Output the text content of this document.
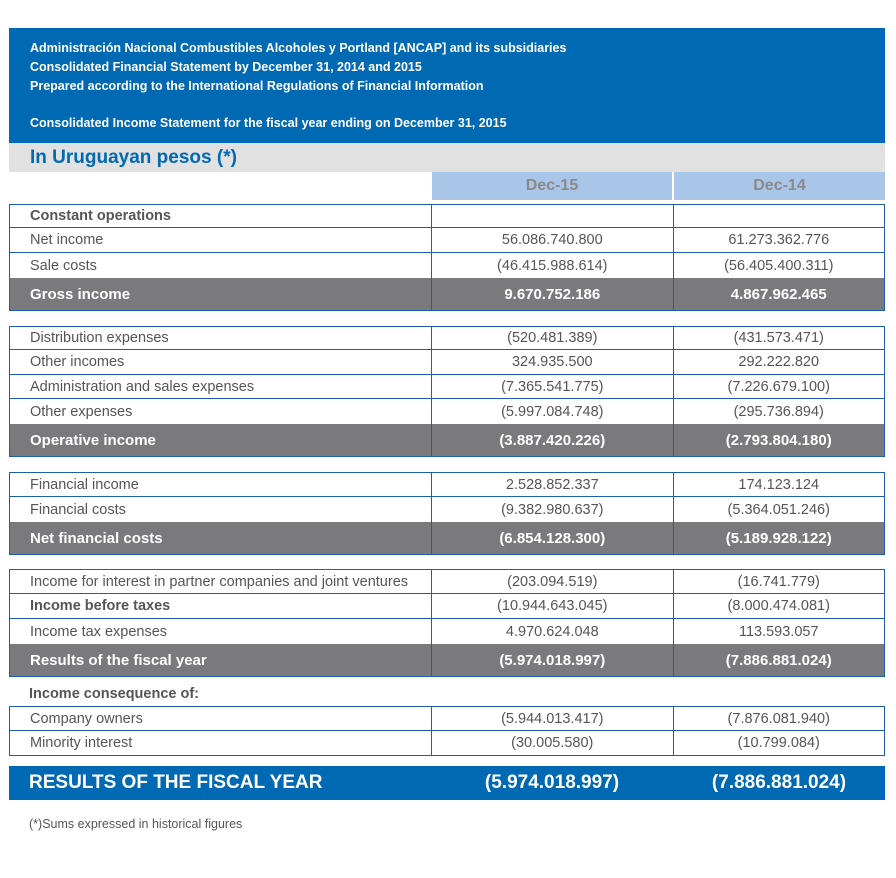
Administración Nacional Combustibles Alcoholes y Portland [ANCAP] and its subsidiaries
Consolidated Financial Statement by December 31, 2014 and 2015
Prepared according to the International Regulations of Financial Information
Consolidated Income Statement for the fiscal year ending on December 31, 2015
In Uruguayan pesos (*)
Dec-15	Dec-14
Constant operations
Net income	56.086.740.800	61.273.362.776
Sale costs	(46.415.988.614)	(56.405.400.311)
Gross income	9.670.752.186	4.867.962.465
Distribution expenses	(520.481.389)	(431.573.471)
Other incomes	324.935.500	292.222.820
Administration and sales expenses	(7.365.541.775)	(7.226.679.100)
Other expenses	(5.997.084.748)	(295.736.894)
Operative income	(3.887.420.226)	(2.793.804.180)
Financial income	2.528.852.337	174.123.124
Financial costs	(9.382.980.637)	(5.364.051.246)
Net financial costs	(6.854.128.300)	(5.189.928.122)
Income for interest in partner companies and joint ventures	(203.094.519)	(16.741.779)
Income before taxes	(10.944.643.045)	(8.000.474.081)
Income tax expenses	4.970.624.048	113.593.057
Results of the fiscal year	(5.974.018.997)	(7.886.881.024)
Income consequence of:
Company owners	(5.944.013.417)	(7.876.081.940)
Minority interest	(30.005.580)	(10.799.084)
RESULTS OF THE FISCAL YEAR	(5.974.018.997)	(7.886.881.024)
(*)Sums expressed in historical figures
